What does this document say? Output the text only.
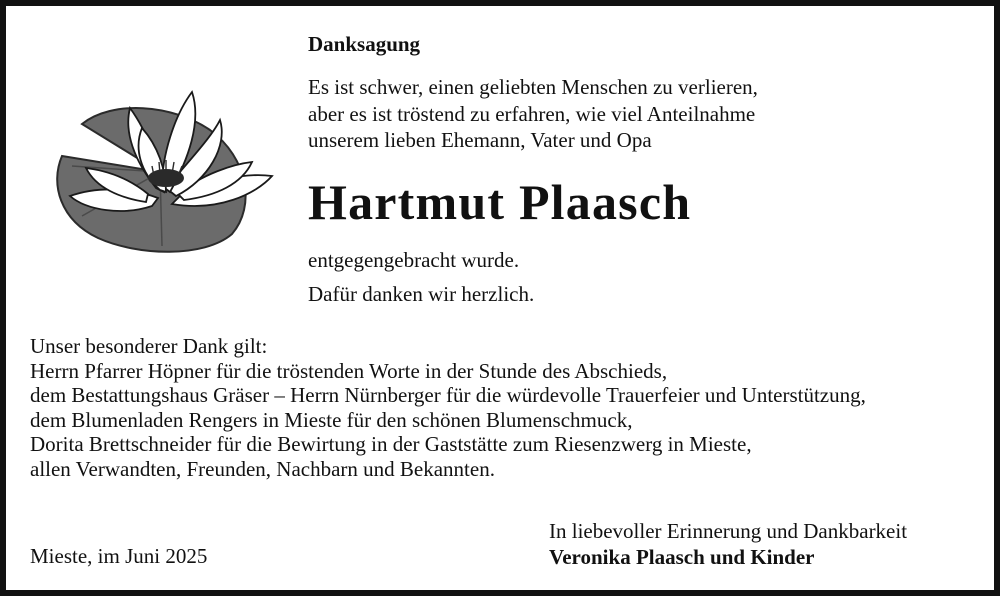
Danksagung
Es ist schwer, einen geliebten Menschen zu verlieren,
aber es ist tröstend zu erfahren, wie viel Anteilnahme
unserem lieben Ehemann, Vater und Opa
Hartmut Plaasch
entgegengebracht wurde.
Dafür danken wir herzlich.
Unser besonderer Dank gilt:
Herrn Pfarrer Höpner für die tröstenden Worte in der Stunde des Abschieds,
dem Bestattungshaus Gräser – Herrn Nürnberger für die würdevolle Trauerfeier und Unterstützung,
dem Blumenladen Rengers in Mieste für den schönen Blumenschmuck,
Dorita Brettschneider für die Bewirtung in der Gaststätte zum Riesenzwerg in Mieste,
allen Verwandten, Freunden, Nachbarn und Bekannten.
In liebevoller Erinnerung und Dankbarkeit
Veronika Plaasch und Kinder
Mieste, im Juni 2025
